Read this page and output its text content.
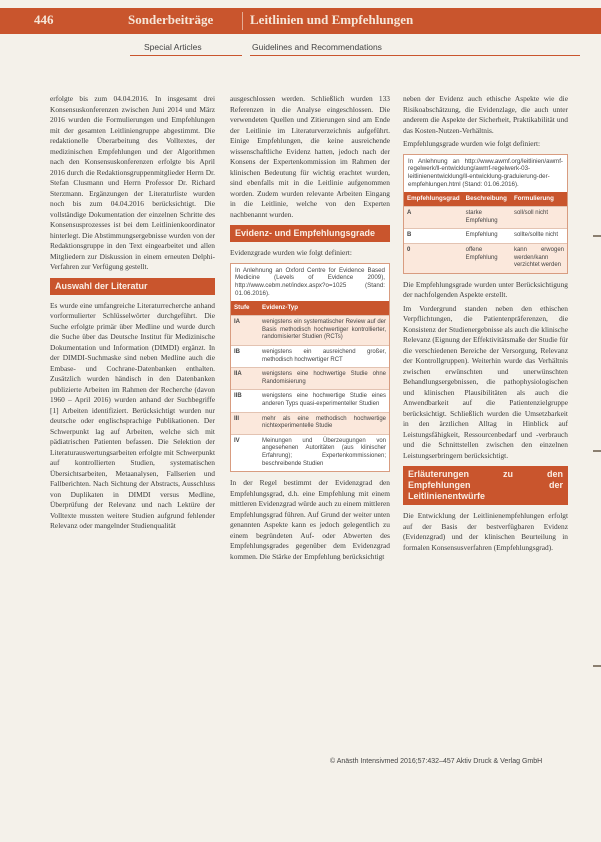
446	Sonderbeiträge	Leitlinien und Empfehlungen
Special Articles	Guidelines and Recommendations

erfolgte bis zum 04.04.2016. In insgesamt drei Konsensuskonferenzen zwischen Juni 2014 und März 2016 wurden die Formulierungen und Empfehlungen mit der gesamten Leitliniengruppe abgestimmt. Die redaktionelle Überarbeitung des Volltextes, der medizinischen Empfehlungen und der Algorithmen nach den Konsensuskonferenzen erfolgte bis April 2016 durch die Redaktionsgruppenmitglieder Herrn Dr. Stefan Clusmann und Herrn Professor Dr. Richard Sterzmann. Ergänzungen der Literaturliste wurden noch bis zum 04.04.2016 berücksichtigt. Die vollständige Dokumentation der einzelnen Schritte des Konsensusprozesses ist bei dem Leitlinienkoordinator hinterlegt. Die Abstimmungsergebnisse wurden von der Redaktionsgruppe in den Text eingearbeitet und allen Mitgliedern zur Diskussion in einem erneuten Delphi-Verfahren zur Verfügung gestellt.

Auswahl der Literatur

Es wurde eine umfangreiche Literaturrecherche anhand vorformulierter Schlüsselwörter durchgeführt. Die Suche erfolgte primär über Medline und wurde durch die Suche über das Deutsche Institut für Medizinische Dokumentation und Information (DIMDI) ergänzt. In der DIMDI-Suchmaske sind neben Medline auch die Embase- und Cochrane-Datenbanken enthalten. Zusätzlich wurden händisch in den Datenbanken publizierte Arbeiten im Rahmen der Recherche (davon 1960 – April 2016) wurden anhand der Suchbegriffe [1] Arbeiten identifiziert. Berücksichtigt wurden nur deutsche oder englischsprachige Publikationen. Der Schwerpunkt lag auf Arbeiten, welche sich mit pädiatrischen Patienten befassen. Die Selektion der Literaturauswertungsarbeiten erfolgte mit Schwerpunkt auf kontrollierten Studien, systematischen Übersichtsarbeiten, Metaanalysen, Fallserien und Fallberichten. Nach Sichtung der Abstracts, Ausschluss von Duplikaten in DIMDI versus Medline, Überprüfung der Relevanz und nach Lektüre der Volltexte mussten weitere Studien aufgrund fehlender Relevanz oder mangelnder Studienqualität

ausgeschlossen werden. Schließlich wurden 133 Referenzen in die Analyse eingeschlossen. Die verwendeten Quellen und Zitierungen sind am Ende der Leitlinie im Literaturverzeichnis aufgeführt. Einige Empfehlungen, die keine ausreichende wissenschaftliche Evidenz hatten, jedoch nach der Konsens der Expertenkommission im Rahmen der klinischen Bedeutung für wichtig erachtet wurden, sind ebenfalls mit in die Leitlinie aufgenommen worden. Zudem wurden relevante Arbeiten Eingang in die Leitlinie, welche von den Experten nachbenannt wurden.

Evidenz- und Empfehlungsgrade

Evidenzgrade wurden wie folgt definiert:

In Anlehnung an Oxford Centre for Evidence Based Medicine (Levels of Evidence 2009), http://www.cebm.net/index.aspx?o=1025 (Stand: 01.06.2016).
Stufe	Evidenz-Typ
IA	wenigstens ein systematischer Review auf der Basis methodisch hochwertiger kontrollierter, randomisierter Studien (RCTs)
IB	wenigstens ein ausreichend großer, methodisch hochwertiger RCT
IIA	wenigstens eine hochwertige Studie ohne Randomisierung
IIB	wenigstens eine hochwertige Studie eines anderen Typs quasi-experimenteller Studien
III	mehr als eine methodisch hochwertige nichtexperimentelle Studie
IV	Meinungen und Überzeugungen von angesehenen Autoritäten (aus klinischer Erfahrung); Expertenkommissionen; beschreibende Studien

In der Regel bestimmt der Evidenzgrad den Empfehlungsgrad, d.h. eine Empfehlung mit einem mittleren Evidenzgrad würde auch zu einem mittleren Empfehlungsgrad führen. Auf Grund der weiter unten genannten Aspekte kann es jedoch gelegentlich zu einem begründeten Auf- oder Abwerten des Empfehlungsgrades gegenüber dem Evidenzgrad kommen. Die Stärke der Empfehlung berücksichtigt

neben der Evidenz auch ethische Aspekte wie die Risikoabschätzung, die Evidenzlage, die auch unter anderem die Aspekte der Sicherheit, Praktikabilität und das Kosten-Nutzen-Verhältnis.

Empfehlungsgrade wurden wie folgt definiert:

In Anlehnung an http://www.awmf.org/leitlinien/awmf-regelwerk/ll-entwicklung/awmf-regelwerk-03-leitlinienentwicklung/ll-entwicklung-graduierung-der-empfehlungen.html (Stand: 01.06.2016).
Empfehlungsgrad	Beschreibung	Formulierung
A	starke Empfehlung	soll/soll nicht
B	Empfehlung	sollte/sollte nicht
0	offene Empfehlung	kann erwogen werden/kann verzichtet werden

Die Empfehlungsgrade wurden unter Berücksichtigung der nachfolgenden Aspekte erstellt.

Im Vordergrund standen neben den ethischen Verpflichtungen, die Patientenpräferenzen, die Konsistenz der Studienergebnisse als auch die klinische Relevanz (Eignung der Effektivitätsmaße der Studie für die verschiedenen Bereiche der Versorgung, Relevanz der Kontrollgruppen). Weiterhin wurde das Verhältnis zwischen erwünschten und unerwünschten Behandlungsergebnissen, die pathophysiologischen und klinischen Plausibilitäten als auch die Anwendbarkeit auf die Patientenzielgruppe berücksichtigt. Schließlich wurden die Umsetzbarkeit in den ärztlichen Alltag in Hinblick auf Leistungsfähigkeit, Ressourcenbedarf und -verbrauch und die Schnittstellen zwischen den einzelnen Leistungserbringern berücksichtigt.

Erläuterungen zu den Empfehlungen der Leitlinienentwürfe

Die Entwicklung der Leitlinienempfehlungen erfolgt auf der Basis der bestverfügbaren Evidenz (Evidenzgrad) und der klinischen Beurteilung in formalen Konsensusverfahren (Empfehlungsgrad).

© Anästh Intensivmed 2016;57:432–457 Aktiv Druck & Verlag GmbH
